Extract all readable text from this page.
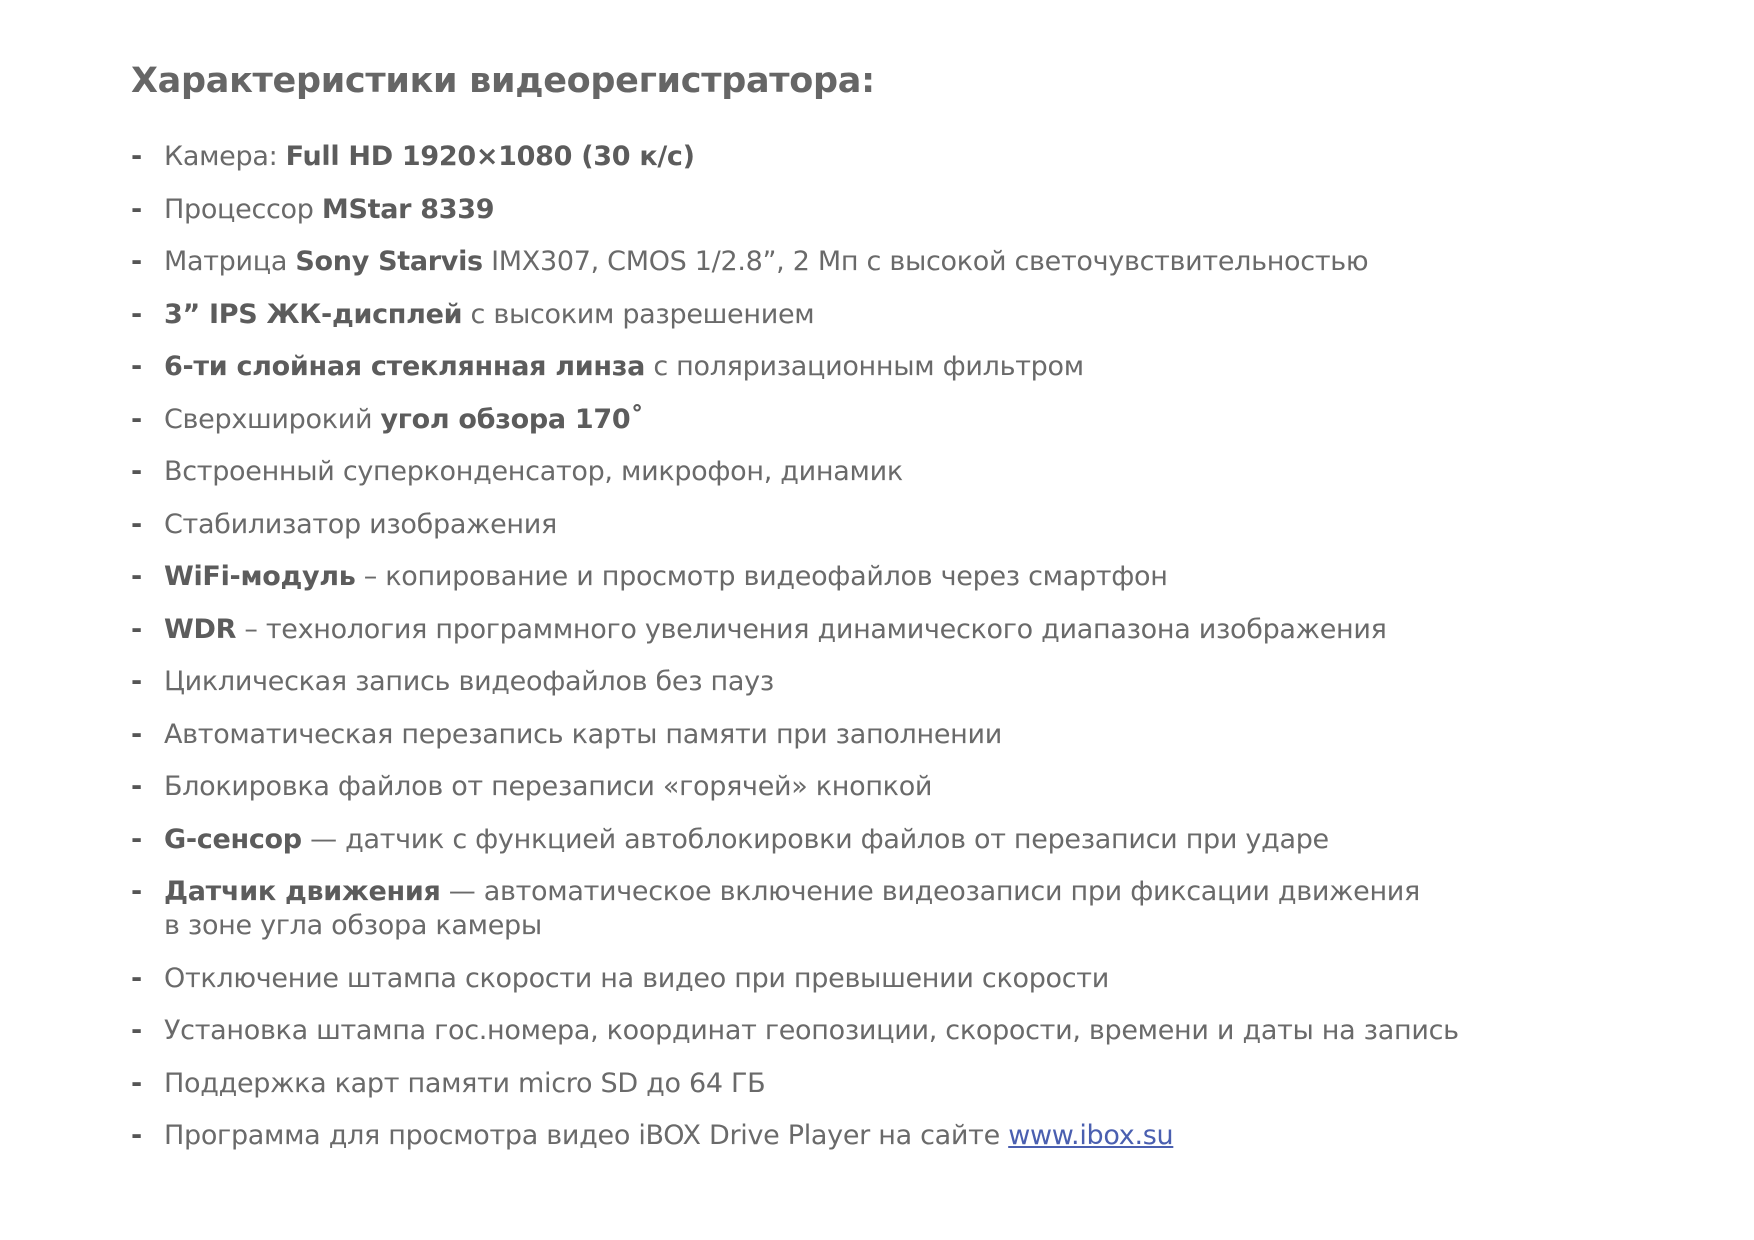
Характеристики видеорегистратора:
- Камера: Full HD 1920×1080 (30 к/с)
- Процессор MStar 8339
- Матрица Sony Starvis IMX307, CMOS 1/2.8”, 2 Мп с высокой светочувствительностью
- 3” IPS ЖК-дисплей с высоким разрешением
- 6-ти слойная стеклянная линза с поляризационным фильтром
- Сверхширокий угол обзора 170˚
- Встроенный суперконденсатор, микрофон, динамик
- Стабилизатор изображения
- WiFi-модуль – копирование и просмотр видеофайлов через смартфон
- WDR – технология программного увеличения динамического диапазона изображения
- Циклическая запись видеофайлов без пауз
- Автоматическая перезапись карты памяти при заполнении
- Блокировка файлов от перезаписи «горячей» кнопкой
- G-сенсор — датчик с функцией автоблокировки файлов от перезаписи при ударе
- Датчик движения — автоматическое включение видеозаписи при фиксации движения
в зоне угла обзора камеры
- Отключение штампа скорости на видео при превышении скорости
- Установка штампа гос.номера, координат геопозиции, скорости, времени и даты на запись
- Поддержка карт памяти micro SD до 64 ГБ
- Программа для просмотра видео iBOX Drive Player на сайте www.ibox.su
